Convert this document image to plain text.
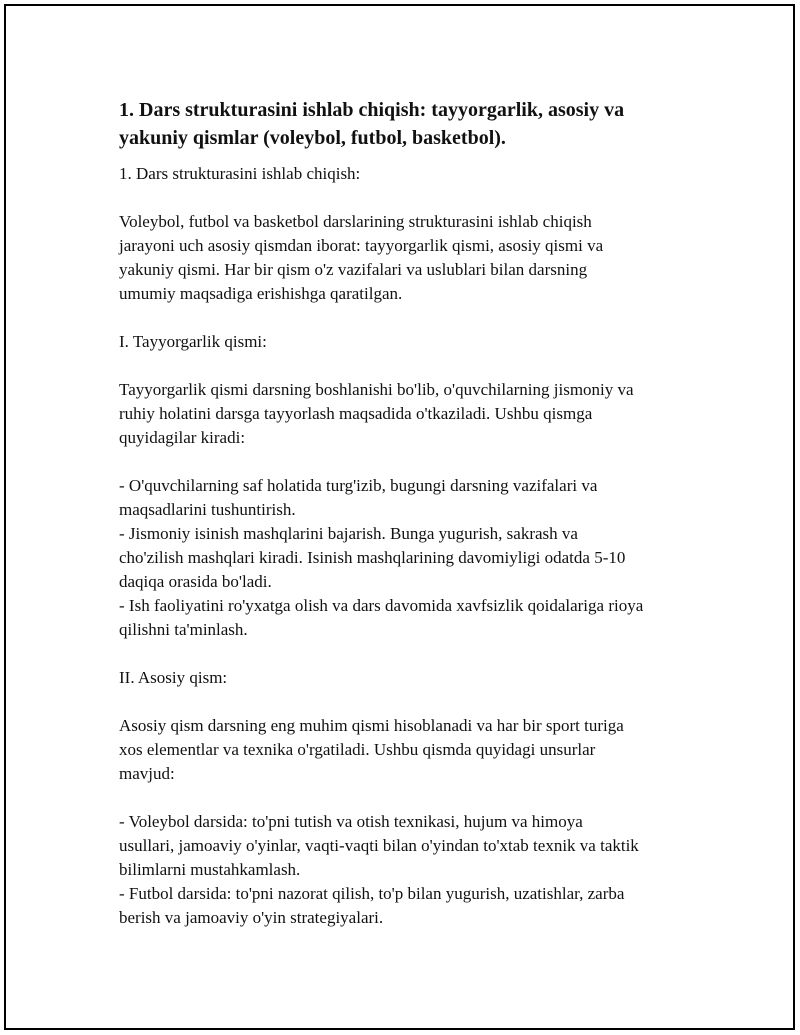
1. Dars strukturasini ishlab chiqish: tayyorgarlik, asosiy va
yakuniy qismlar (voleybol, futbol, basketbol).
1. Dars strukturasini ishlab chiqish:
Voleybol, futbol va basketbol darslarining strukturasini ishlab chiqish
jarayoni uch asosiy qismdan iborat: tayyorgarlik qismi, asosiy qismi va
yakuniy qismi. Har bir qism o'z vazifalari va uslublari bilan darsning
umumiy maqsadiga erishishga qaratilgan.
I. Tayyorgarlik qismi:
Tayyorgarlik qismi darsning boshlanishi bo'lib, o'quvchilarning jismoniy va
ruhiy holatini darsga tayyorlash maqsadida o'tkaziladi. Ushbu qismga
quyidagilar kiradi:
- O'quvchilarning saf holatida turg'izib, bugungi darsning vazifalari va
maqsadlarini tushuntirish.
- Jismoniy isinish mashqlarini bajarish. Bunga yugurish, sakrash va
cho'zilish mashqlari kiradi. Isinish mashqlarining davomiyligi odatda 5-10
daqiqa orasida bo'ladi.
- Ish faoliyatini ro'yxatga olish va dars davomida xavfsizlik qoidalariga rioya
qilishni ta'minlash.
II. Asosiy qism:
Asosiy qism darsning eng muhim qismi hisoblanadi va har bir sport turiga
xos elementlar va texnika o'rgatiladi. Ushbu qismda quyidagi unsurlar
mavjud:
- Voleybol darsida: to'pni tutish va otish texnikasi, hujum va himoya
usullari, jamoaviy o'yinlar, vaqti-vaqti bilan o'yindan to'xtab texnik va taktik
bilimlarni mustahkamlash.
- Futbol darsida: to'pni nazorat qilish, to'p bilan yugurish, uzatishlar, zarba
berish va jamoaviy o'yin strategiyalari.
